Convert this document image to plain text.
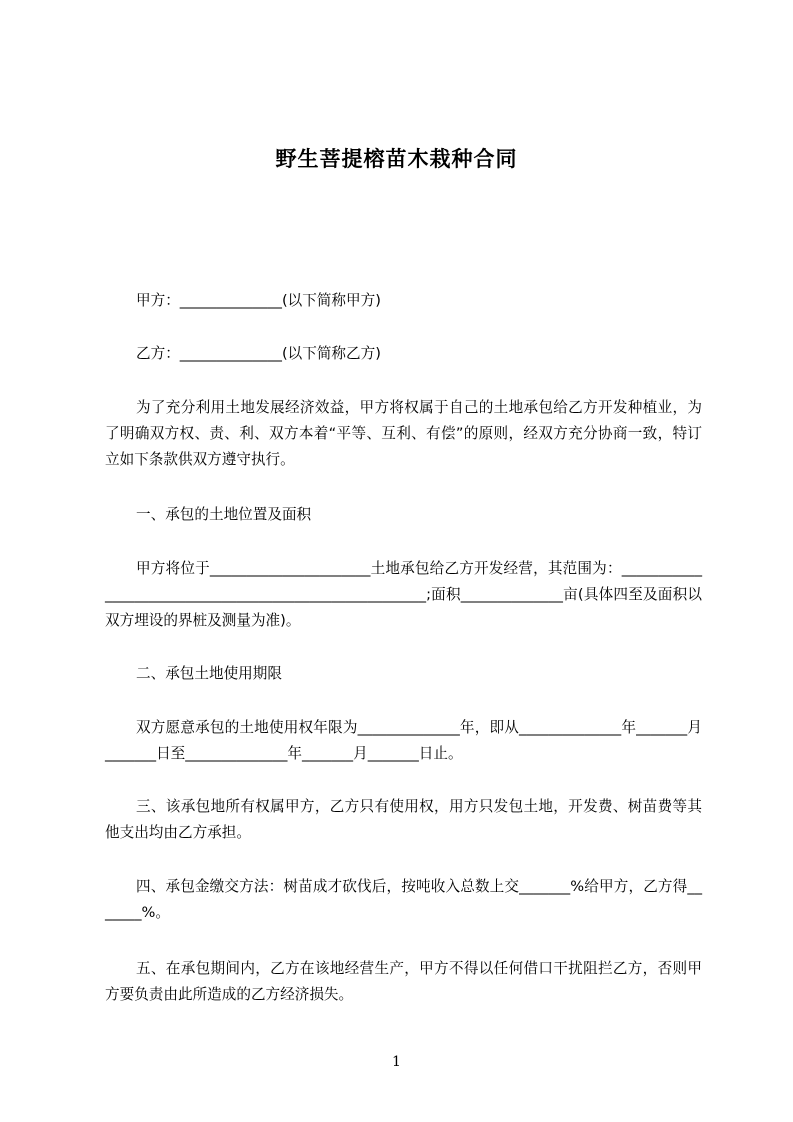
野生菩提榕苗木栽种合同
甲方：______________(以下简称甲方)
乙方：______________(以下简称乙方)
为了充分利用土地发展经济效益，甲方将权属于自己的土地承包给乙方开发种植业，为了明确双方权、责、利、双方本着“平等、互利、有偿”的原则，经双方充分协商一致，特订立如下条款供双方遵守执行。
一、承包的土地位置及面积
甲方将位于______________________土地承包给乙方开发经营，其范围为：_______________________________________________________;面积______________亩(具体四至及面积以双方埋设的界桩及测量为准)。
二、承包土地使用期限
双方愿意承包的土地使用权年限为______________年，即从______________年_______月_______日至______________年_______月_______日止。
三、该承包地所有权属甲方，乙方只有使用权，用方只发包土地，开发费、树苗费等其他支出均由乙方承担。
四、承包金缴交方法：树苗成才砍伐后，按吨收入总数上交_______%给甲方，乙方得_______%。
五、在承包期间内，乙方在该地经营生产，甲方不得以任何借口干扰阻拦乙方，否则甲方要负责由此所造成的乙方经济损失。
1
